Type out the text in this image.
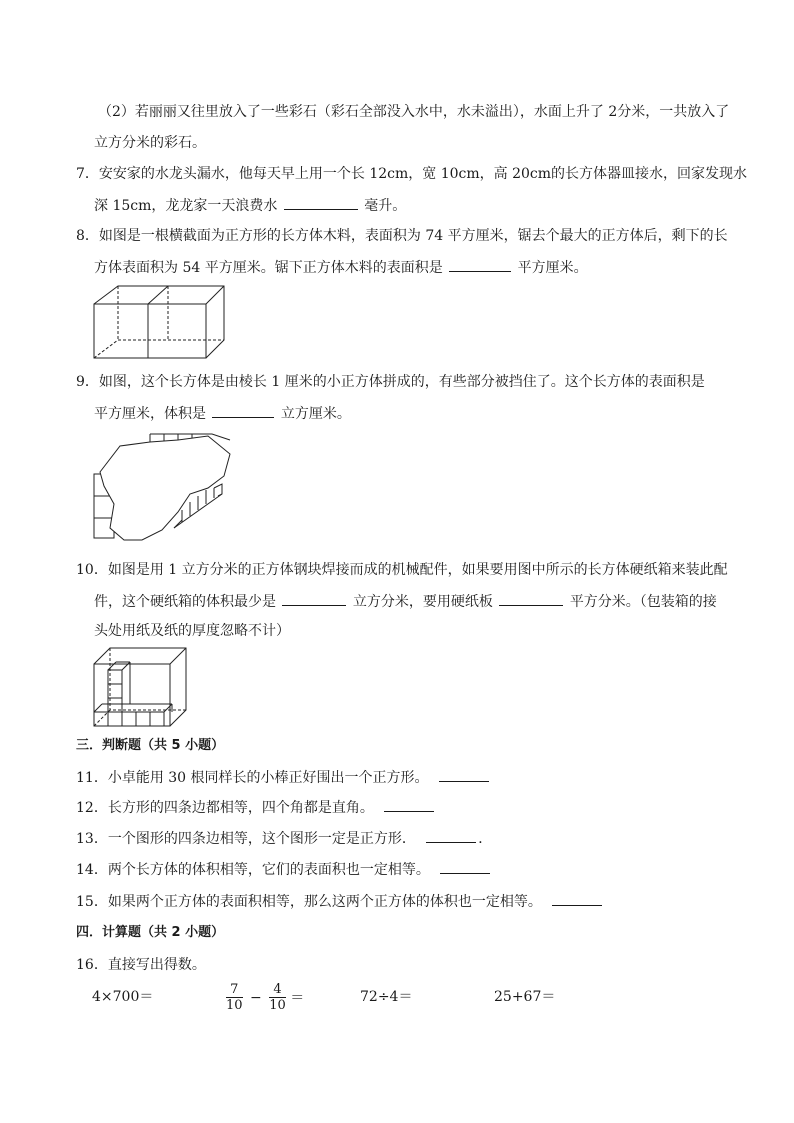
（2）若丽丽又往里放入了一些彩石（彩石全部没入水中，水未溢出），水面上升了 2分米，一共放入了
立方分米的彩石。
7．安安家的水龙头漏水，他每天早上用一个长 12cm，宽 10cm，高 20cm的长方体器皿接水，回家发现水
深 15cm，龙龙家一天浪费水	毫升。
8．如图是一根横截面为正方形的长方体木料，表面积为 74 平方厘米，锯去个最大的正方体后，剩下的长
方体表面积为 54 平方厘米。锯下正方体木料的表面积是	平方厘米。
9．如图，这个长方体是由棱长 1 厘米的小正方体拼成的，有些部分被挡住了。这个长方体的表面积是
平方厘米，体积是	立方厘米。
10．如图是用 1 立方分米的正方体钢块焊接而成的机械配件，如果要用图中所示的长方体硬纸箱来装此配
件，这个硬纸箱的体积最少是	立方分米，要用硬纸板	平方分米。（包装箱的接
头处用纸及纸的厚度忽略不计）
三．判断题（共 5 小题）
11．小卓能用 30 根同样长的小棒正好围出一个正方形。
12．长方形的四条边都相等，四个角都是直角。
13．一个图形的四条边相等，这个图形一定是正方形．	．
14．两个长方体的体积相等，它们的表面积也一定相等。
15．如果两个正方体的表面积相等，那么这两个正方体的体积也一定相等。
四．计算题（共 2 小题）
16．直接写出得数。
4×700＝	$\frac{7}{10} - \frac{4}{10}$ ＝	72÷4＝	25+67＝
